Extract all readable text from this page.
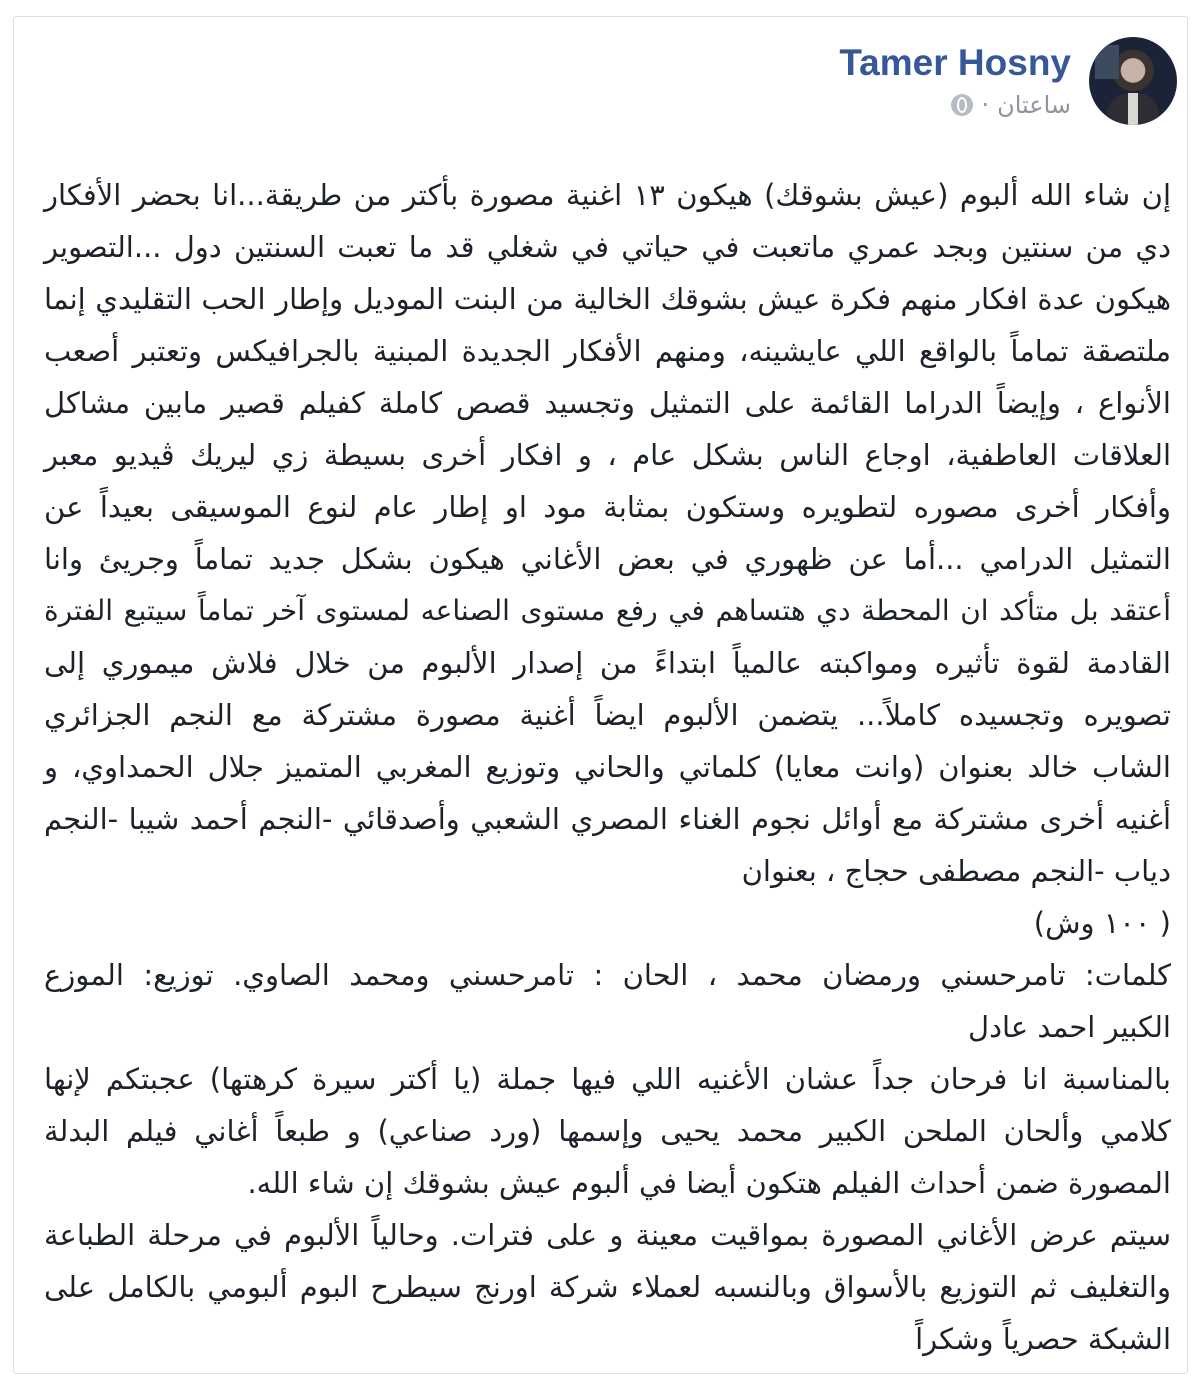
Tamer Hosny
ساعتان
·
إن شاء الله ألبوم (عيش بشوقك) هيكون ١٣ اغنية مصورة بأكتر من طريقة...انا بحضر الأفكار
دي من سنتين وبجد عمري ماتعبت في حياتي في شغلي قد ما تعبت السنتين دول ...التصوير
هيكون عدة افكار منهم فكرة عيش بشوقك الخالية من البنت الموديل وإطار الحب التقليدي إنما
ملتصقة تماماً بالواقع اللي عايشينه، ومنهم الأفكار الجديدة المبنية بالجرافيكس وتعتبر أصعب
الأنواع ، وإيضاً الدراما القائمة على التمثيل وتجسيد قصص كاملة كفيلم قصير مابين مشاكل
العلاقات العاطفية، اوجاع الناس بشكل عام ، و افكار أخرى بسيطة زي ليريك ڤيديو معبر
وأفكار أخرى مصوره لتطويره وستكون بمثابة مود او إطار عام لنوع الموسيقى بعيداً عن
التمثيل الدرامي ...أما عن ظهوري في بعض الأغاني هيكون بشكل جديد تماماً وجريئ وانا
أعتقد بل متأكد ان المحطة دي هتساهم في رفع مستوى الصناعه لمستوى آخر تماماً سيتبع الفترة
القادمة لقوة تأثيره ومواكبته عالمياً ابتداءً من إصدار الألبوم من خلال فلاش ميموري إلى
تصويره وتجسيده كاملاً... يتضمن الألبوم ايضاً أغنية مصورة مشتركة مع النجم الجزائري
الشاب خالد بعنوان (وانت معايا) كلماتي والحاني وتوزيع المغربي المتميز جلال الحمداوي، و
أغنيه أخرى مشتركة مع أوائل نجوم الغناء المصري الشعبي وأصدقائي -النجم أحمد شيبا -النجم
دياب -النجم مصطفى حجاج ، بعنوان
( ١٠٠ وش)
كلمات: تامرحسني ورمضان محمد ، الحان : تامرحسني ومحمد الصاوي. توزيع: الموزع
الكبير احمد عادل
بالمناسبة انا فرحان جداً عشان الأغنيه اللي فيها جملة (يا أكتر سيرة كرهتها) عجبتكم لإنها
كلامي وألحان الملحن الكبير محمد يحيى وإسمها (ورد صناعي) و طبعاً أغاني فيلم البدلة
المصورة ضمن أحداث الفيلم هتكون أيضا في ألبوم عيش بشوقك إن شاء الله.
سيتم عرض الأغاني المصورة بمواقيت معينة و على فترات. وحالياً الألبوم في مرحلة الطباعة
والتغليف ثم التوزيع بالأسواق وبالنسبه لعملاء شركة اورنج سيطرح البوم ألبومي بالكامل على
الشبكة حصرياً وشكراً
